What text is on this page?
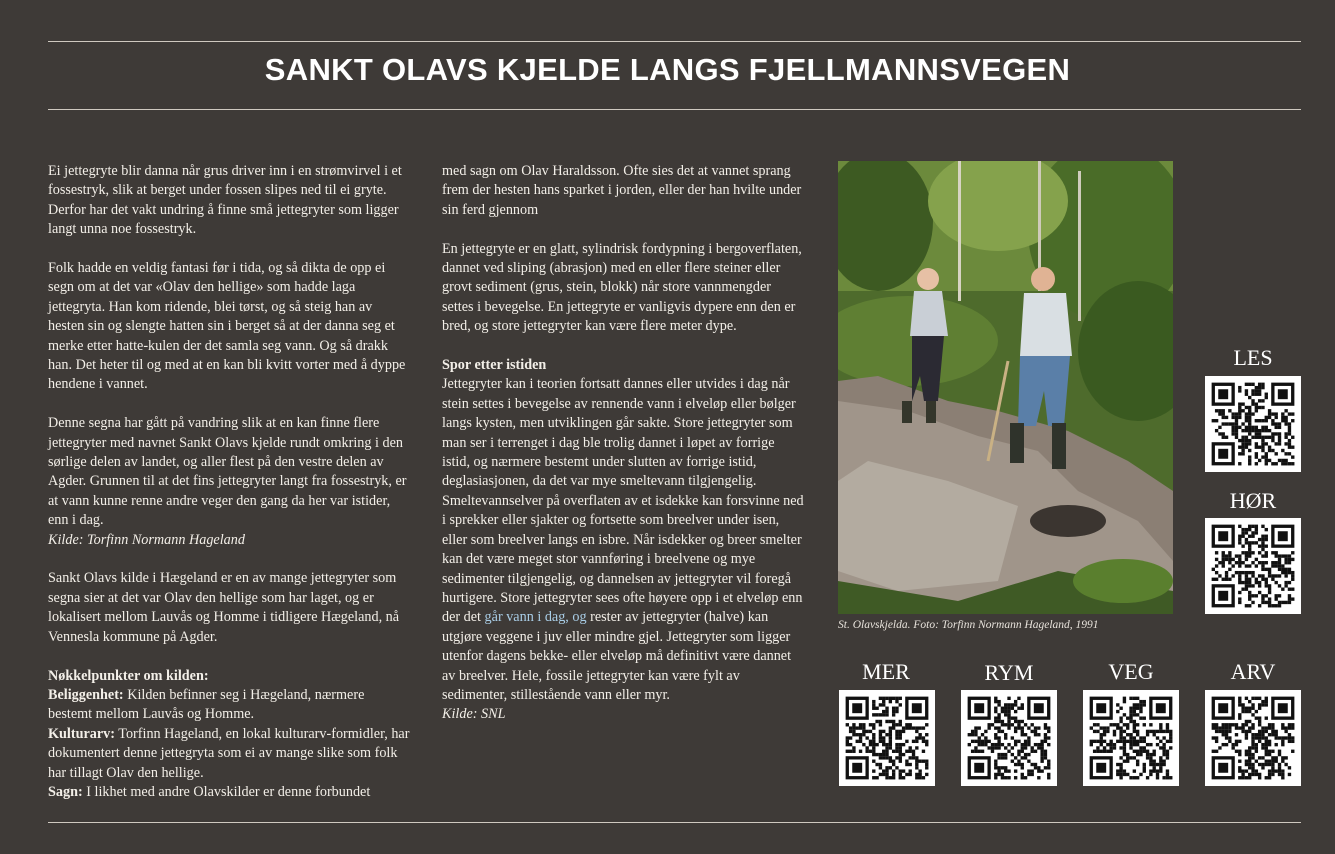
SANKT OLAVS KJELDE LANGS FJELLMANNSVEGEN

Ei jettegryte blir danna når grus driver inn i en strømvirvel i et fossestryk, slik at berget under fossen slipes ned til ei gryte. Derfor har det vakt undring å finne små jettegryter som ligger langt unna noe fossestryk.

Folk hadde en veldig fantasi før i tida, og så dikta de opp ei segn om at det var «Olav den hellige» som hadde laga jettegryta. Han kom ridende, blei tørst, og så steig han av hesten sin og slengte hatten sin i berget så at der danna seg et merke etter hatte-kulen der det samla seg vann. Og så drakk han. Det heter til og med at en kan bli kvitt vorter med å dyppe hendene i vannet.

Denne segna har gått på vandring slik at en kan finne flere jettegryter med navnet Sankt Olavs kjelde rundt omkring i den sørlige delen av landet, og aller flest på den vestre delen av Agder. Grunnen til at det fins jettegryter langt fra fossestryk, er at vann kunne renne andre veger den gang da her var istider, enn i dag.

Kilde: Torfinn Normann Hageland

Sankt Olavs kilde i Hægeland er en av mange jettegryter som segna sier at det var Olav den hellige som har laget, og er lokalisert mellom Lauvås og Homme i tidligere Hægeland, nå Vennesla kommune på Agder.

Nøkkelpunkter om kilden:

Beliggenhet: Kilden befinner seg i Hægeland, nærmere bestemt mellom Lauvås og Homme.

Kulturarv: Torfinn Hageland, en lokal kulturarv-formidler, har dokumentert denne jettegryta som ei av mange slike som folk har tillagt Olav den hellige.

Sagn: I likhet med andre Olavskilder er denne forbundet

med sagn om Olav Haraldsson. Ofte sies det at vannet sprang frem der hesten hans sparket i jorden, eller der han hvilte under sin ferd gjennom

En jettegryte er en glatt, sylindrisk fordypning i bergoverflaten, dannet ved sliping (abrasjon) med en eller flere steiner eller grovt sediment (grus, stein, blokk) når store vannmengder settes i bevegelse. En jettegryte er vanligvis dypere enn den er bred, og store jettegryter kan være flere meter dype.

Spor etter istiden

Jettegryter kan i teorien fortsatt dannes eller utvides i dag når stein settes i bevegelse av rennende vann i elveløp eller bølger langs kysten, men utviklingen går sakte. Store jettegryter som man ser i terrenget i dag ble trolig dannet i løpet av forrige istid, og nærmere bestemt under slutten av forrige istid, deglasiasjonen, da det var mye smeltevann tilgjengelig. Smeltevannselver på overflaten av et isdekke kan forsvinne ned i sprekker eller sjakter og fortsette som breelver under isen, eller som breelver langs en isbre. Når isdekker og breer smelter kan det være meget stor vannføring i breelvene og mye sedimenter tilgjengelig, og dannelsen av jettegryter vil foregå hurtigere. Store jettegryter sees ofte høyere opp i et elveløp enn der det går vann i dag, og rester av jettegryter (halve) kan utgjøre veggene i juv eller mindre gjel. Jettegryter som ligger utenfor dagens bekke- eller elveløp må definitivt være dannet av breelver. Hele, fossile jettegryter kan være fylt av sedimenter, stillestående vann eller myr.

Kilde: SNL

St. Olavskjelda. Foto: Torfinn Normann Hageland, 1991
LES
HØR
MER	RYM	VEG	ARV
